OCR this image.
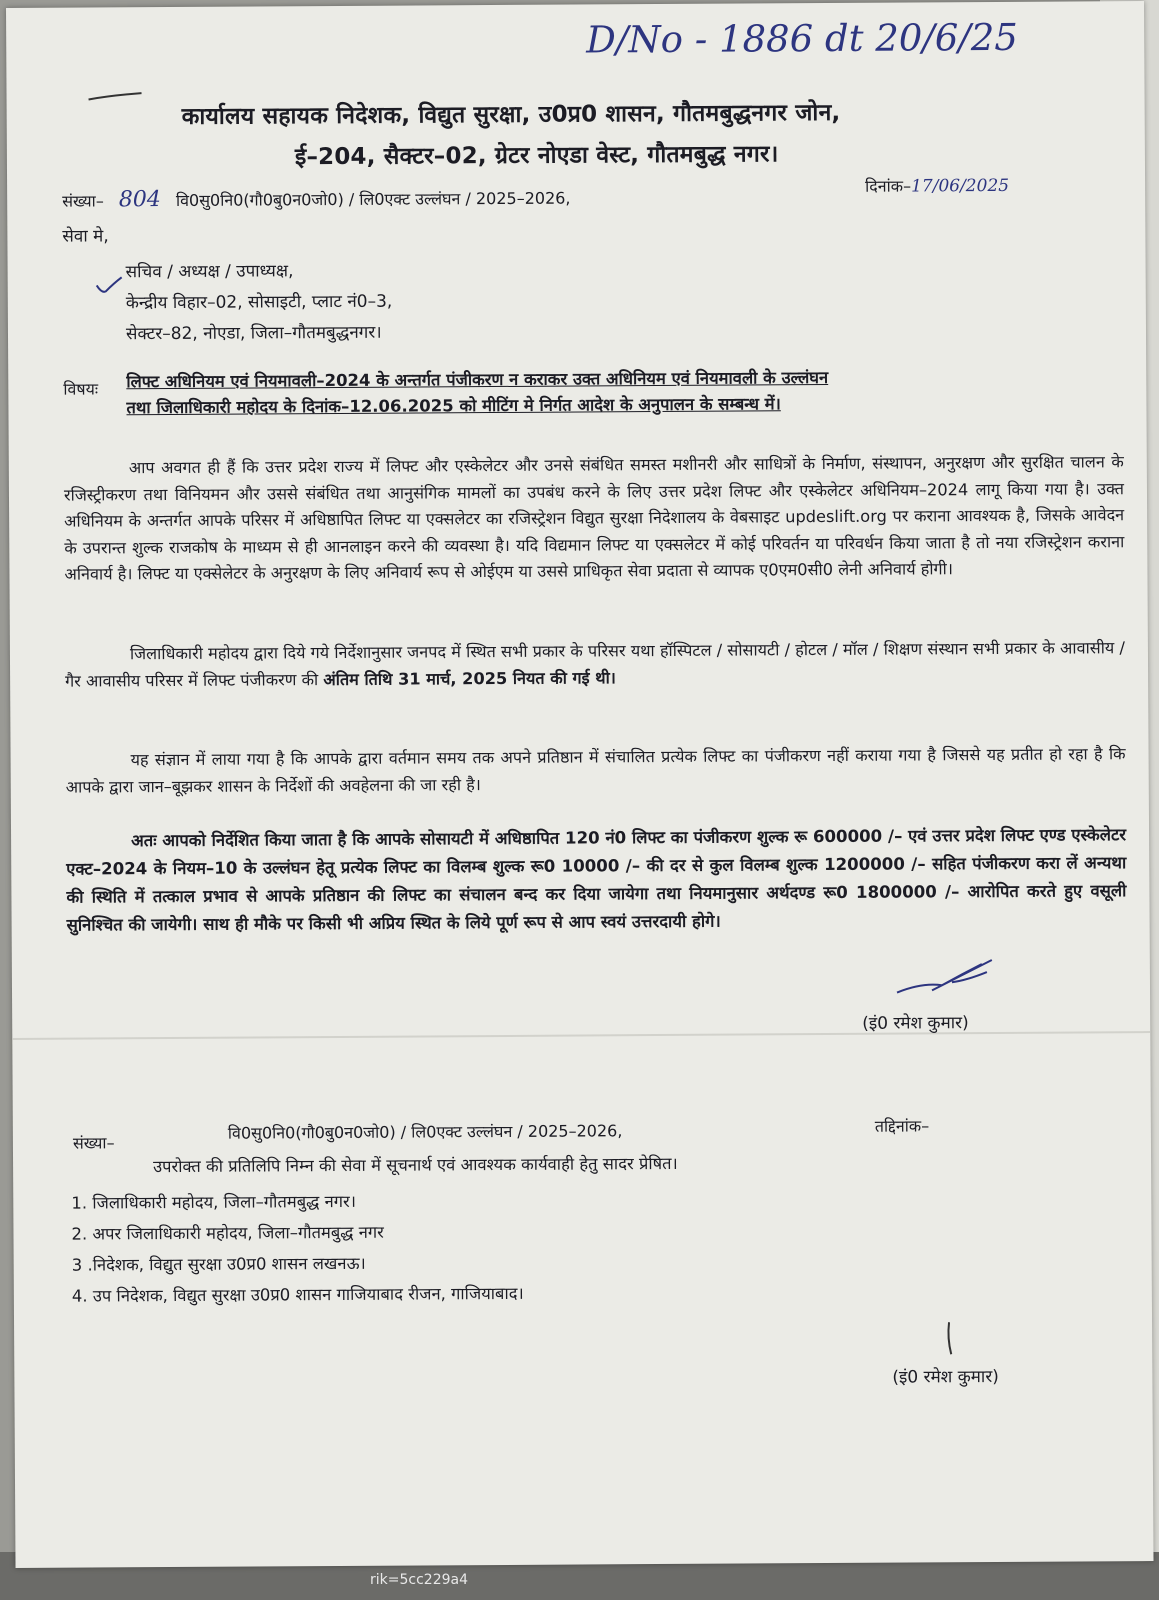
D/No - 1886 dt 20/6/25
कार्यालय सहायक निदेशक, विद्युत सुरक्षा, उ0प्र0 शासन, गौतमबुद्धनगर जोन,
ई–204, सैक्टर–02, ग्रेटर नोएडा वेस्ट, गौतमबुद्ध नगर।
संख्या– 804 वि0सु0नि0(गौ0बु0न0जो0) / लि0एक्ट उल्लंघन / 2025–2026,
दिनांक–17/06/2025
सेवा मे,
सचिव / अध्यक्ष / उपाध्यक्ष,
केन्द्रीय विहार–02, सोसाइटी, प्लाट नं0–3,
सेक्टर–82, नोएडा, जिला–गौतमबुद्धनगर।
विषयः लिफ्ट अधिनियम एवं नियमावली–2024 के अन्तर्गत पंजीकरण न कराकर उक्त अधिनियम एवं नियमावली के उल्लंघन
तथा जिलाधिकारी महोदय के दिनांक–12.06.2025 को मीटिंग मे निर्गत आदेश के अनुपालन के सम्बन्ध में।

आप अवगत ही हैं कि उत्तर प्रदेश राज्य में लिफ्ट और एस्केलेटर और उनसे संबंधित समस्त मशीनरी और साधित्रों के निर्माण, संस्थापन, अनुरक्षण और सुरक्षित चालन के रजिस्ट्रीकरण तथा विनियमन और उससे संबंधित तथा आनुसंगिक मामलों का उपबंध करने के लिए उत्तर प्रदेश लिफ्ट और एस्केलेटर अधिनियम–2024 लागू किया गया है। उक्त अधिनियम के अन्तर्गत आपके परिसर में अधिष्ठापित लिफ्ट या एक्सलेटर का रजिस्ट्रेशन विद्युत सुरक्षा निदेशालय के वेबसाइट updeslift.org पर कराना आवश्यक है, जिसके आवेदन के उपरान्त शुल्क राजकोष के माध्यम से ही आनलाइन करने की व्यवस्था है। यदि विद्यमान लिफ्ट या एक्सलेटर में कोई परिवर्तन या परिवर्धन किया जाता है तो नया रजिस्ट्रेशन कराना अनिवार्य है। लिफ्ट या एक्सेलेटर के अनुरक्षण के लिए अनिवार्य रूप से ओईएम या उससे प्राधिकृत सेवा प्रदाता से व्यापक ए0एम0सी0 लेनी अनिवार्य होगी।

जिलाधिकारी महोदय द्वारा दिये गये निर्देशानुसार जनपद में स्थित सभी प्रकार के परिसर यथा हॉस्पिटल / सोसायटी / होटल / मॉल / शिक्षण संस्थान सभी प्रकार के आवासीय / गैर आवासीय परिसर में लिफ्ट पंजीकरण की अंतिम तिथि 31 मार्च, 2025 नियत की गई थी।

यह संज्ञान में लाया गया है कि आपके द्वारा वर्तमान समय तक अपने प्रतिष्ठान में संचालित प्रत्येक लिफ्ट का पंजीकरण नहीं कराया गया है जिससे यह प्रतीत हो रहा है कि आपके द्वारा जान–बूझकर शासन के निर्देशों की अवहेलना की जा रही है।

अतः आपको निर्देशित किया जाता है कि आपके सोसायटी में अधिष्ठापित 120 नं0 लिफ्ट का पंजीकरण शुल्क रू 600000 /– एवं उत्तर प्रदेश लिफ्ट एण्ड एस्केलेटर एक्ट–2024 के नियम–10 के उल्लंघन हेतू प्रत्येक लिफ्ट का विलम्ब शुल्क रू0 10000 /– की दर से कुल विलम्ब शुल्क 1200000 /– सहित पंजीकरण करा लें अन्यथा की स्थिति में तत्काल प्रभाव से आपके प्रतिष्ठान की लिफ्ट का संचालन बन्द कर दिया जायेगा तथा नियमानुसार अर्थदण्ड रू0 1800000 /– आरोपित करते हुए वसूली सुनिश्चित की जायेगी। साथ ही मौके पर किसी भी अप्रिय स्थित के लिये पूर्ण रूप से आप स्वयं उत्तरदायी होगे।

(इं0 रमेश कुमार)
संख्या–
वि0सु0नि0(गौ0बु0न0जो0) / लि0एक्ट उल्लंघन / 2025–2026,	तद्दिनांक–
उपरोक्त की प्रतिलिपि निम्न की सेवा में सूचनार्थ एवं आवश्यक कार्यवाही हेतु सादर प्रेषित।
1. जिलाधिकारी महोदय, जिला–गौतमबुद्ध नगर।
2. अपर जिलाधिकारी महोदय, जिला–गौतमबुद्ध नगर
3 .निदेशक, विद्युत सुरक्षा उ0प्र0 शासन लखनऊ।
4. उप निदेशक, विद्युत सुरक्षा उ0प्र0 शासन गाजियाबाद रीजन, गाजियाबाद।
(इं0 रमेश कुमार)
rik=5cc229a4
